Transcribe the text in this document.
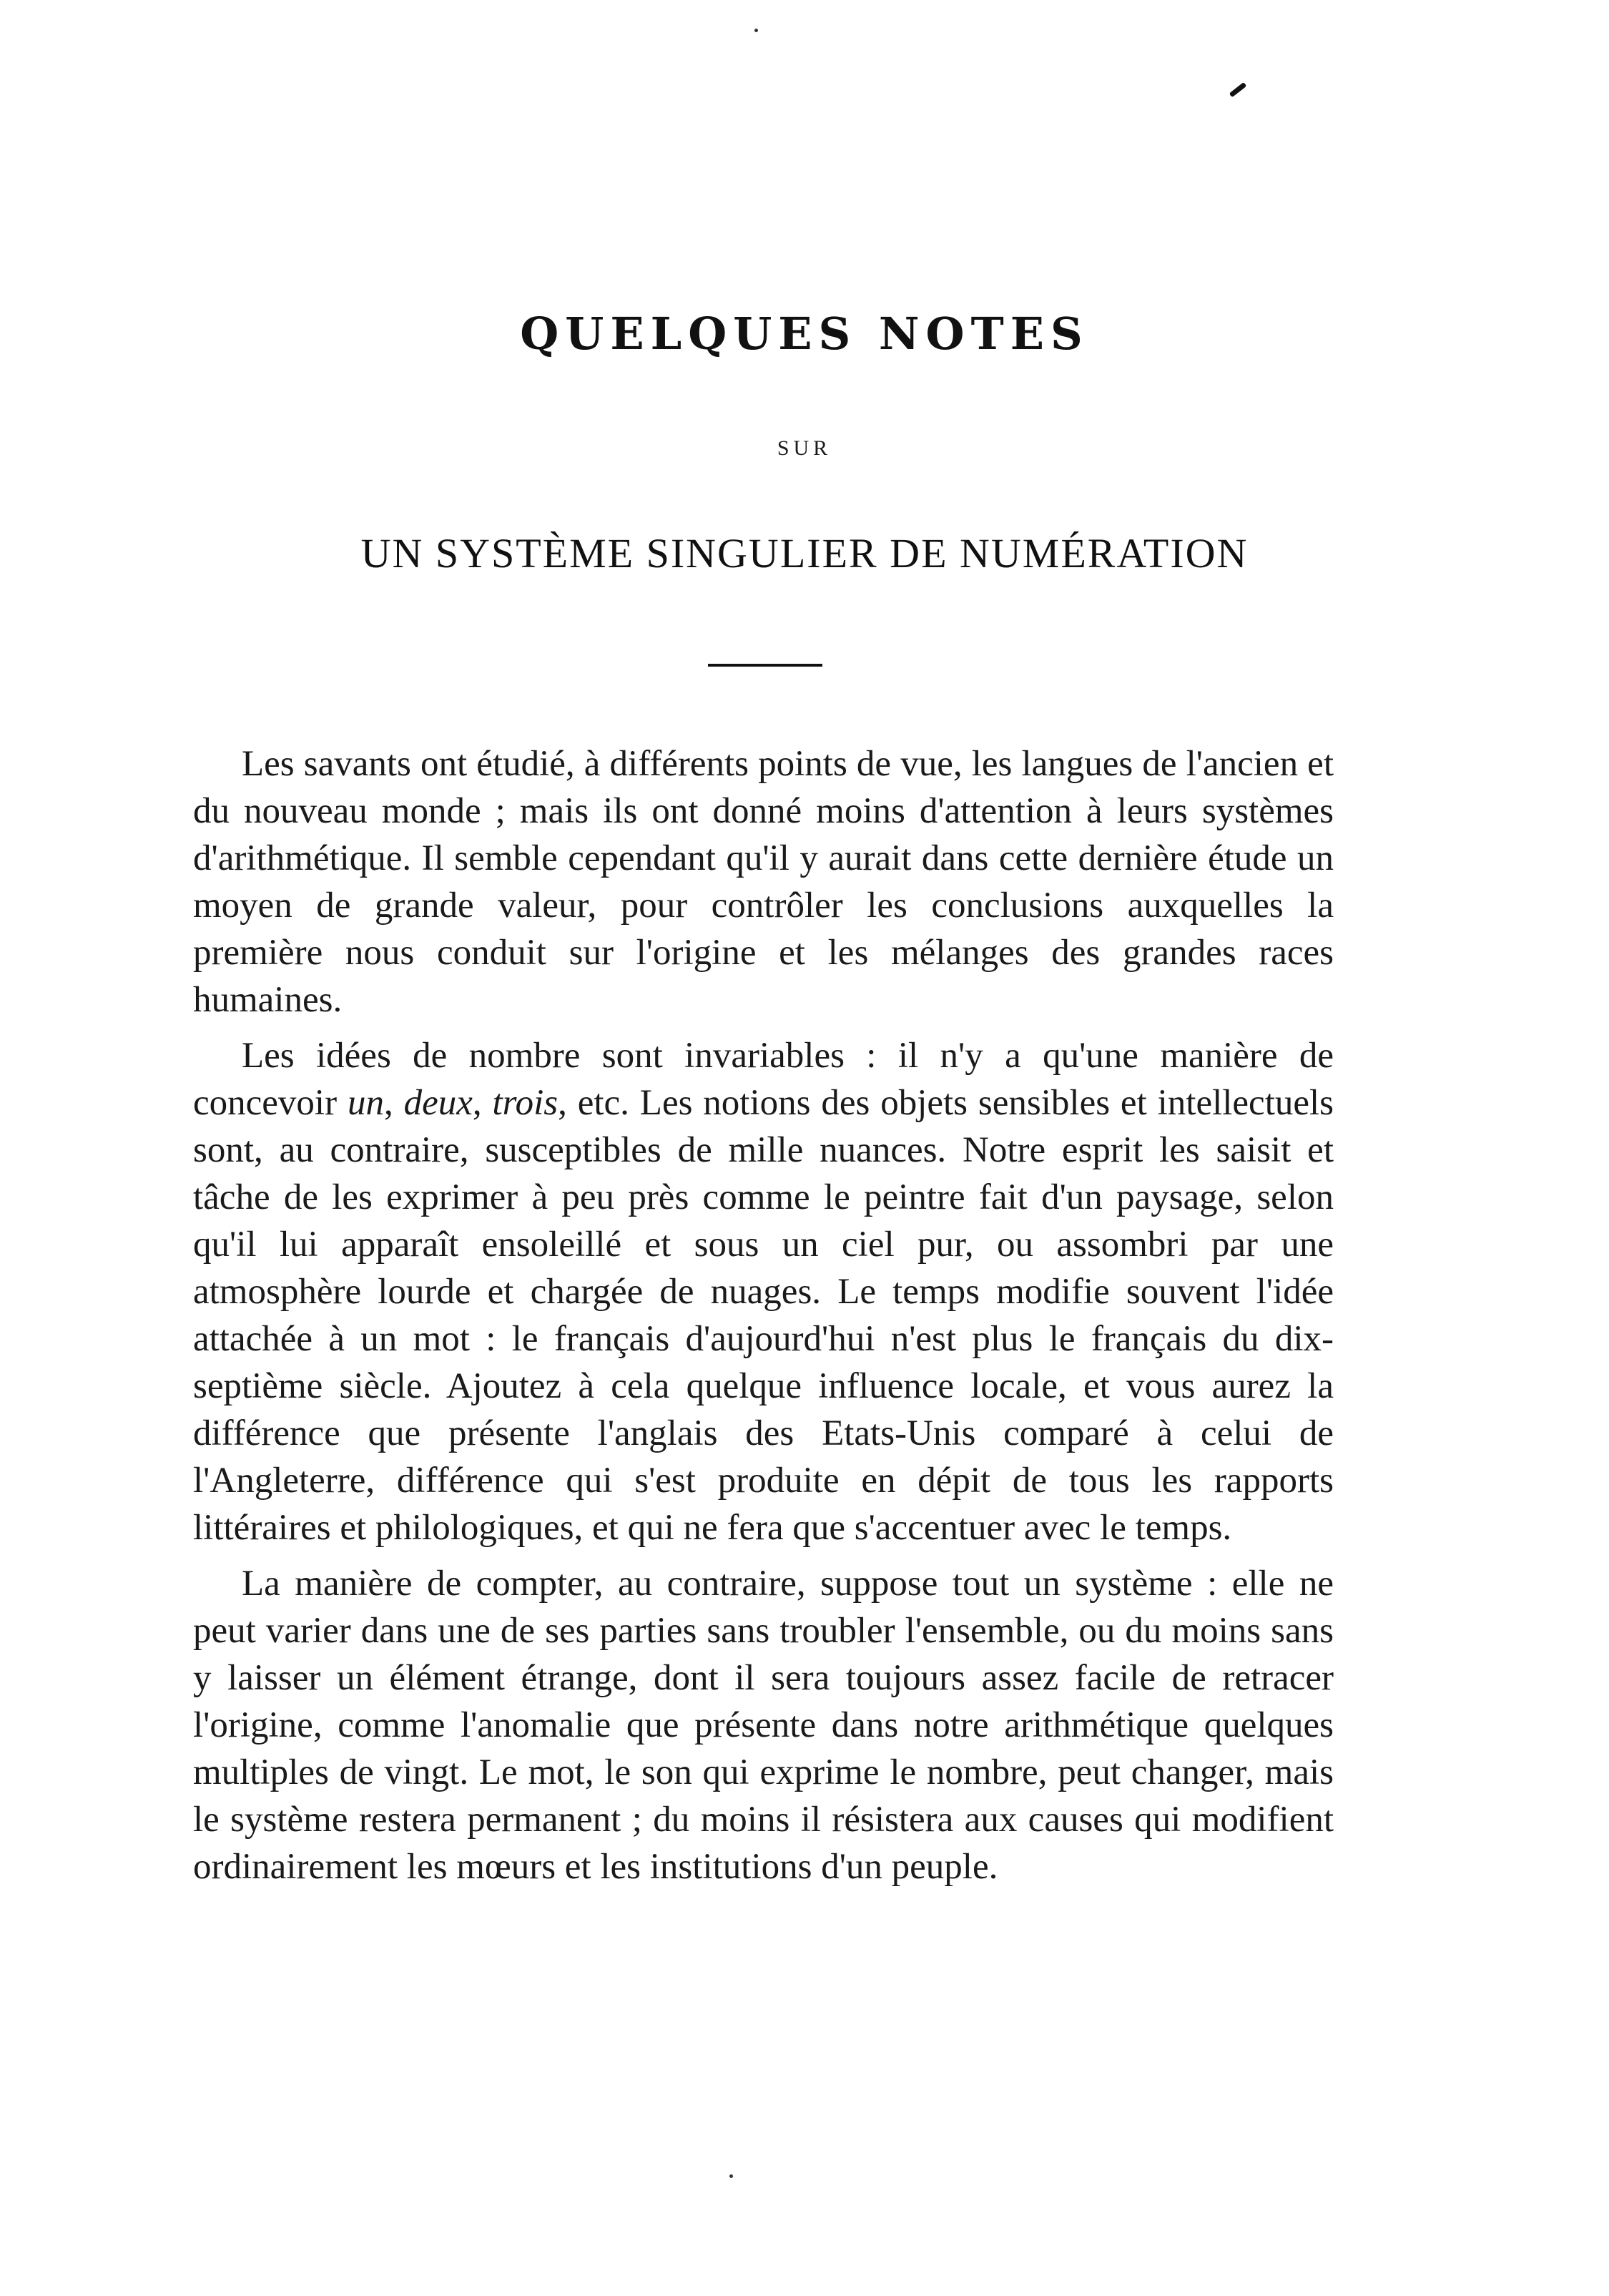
QUELQUES NOTES
SUR
UN SYSTÈME SINGULIER DE NUMÉRATION

Les savants ont étudié, à différents points de vue, les langues de l'ancien et du nouveau monde ; mais ils ont donné moins d'attention à leurs systèmes d'arithmétique. Il semble cependant qu'il y aurait dans cette dernière étude un moyen de grande valeur, pour contrôler les conclusions auxquelles la première nous conduit sur l'origine et les mélanges des grandes races humaines.

Les idées de nombre sont invariables : il n'y a qu'une manière de concevoir un, deux, trois, etc. Les notions des objets sensibles et intellectuels sont, au contraire, susceptibles de mille nuances. Notre esprit les saisit et tâche de les exprimer à peu près comme le peintre fait d'un paysage, selon qu'il lui apparaît ensoleillé et sous un ciel pur, ou assombri par une atmosphère lourde et chargée de nuages. Le temps modifie souvent l'idée attachée à un mot : le français d'aujourd'hui n'est plus le français du dix-septième siècle. Ajoutez à cela quelque influence locale, et vous aurez la différence que présente l'anglais des Etats-Unis comparé à celui de l'Angleterre, différence qui s'est produite en dépit de tous les rapports littéraires et philologiques, et qui ne fera que s'accentuer avec le temps.

La manière de compter, au contraire, suppose tout un système : elle ne peut varier dans une de ses parties sans troubler l'ensemble, ou du moins sans y laisser un élément étrange, dont il sera toujours assez facile de retracer l'origine, comme l'anomalie que présente dans notre arithmétique quelques multiples de vingt. Le mot, le son qui exprime le nombre, peut changer, mais le système restera permanent ; du moins il résistera aux causes qui modifient ordinairement les mœurs et les institutions d'un peuple.
